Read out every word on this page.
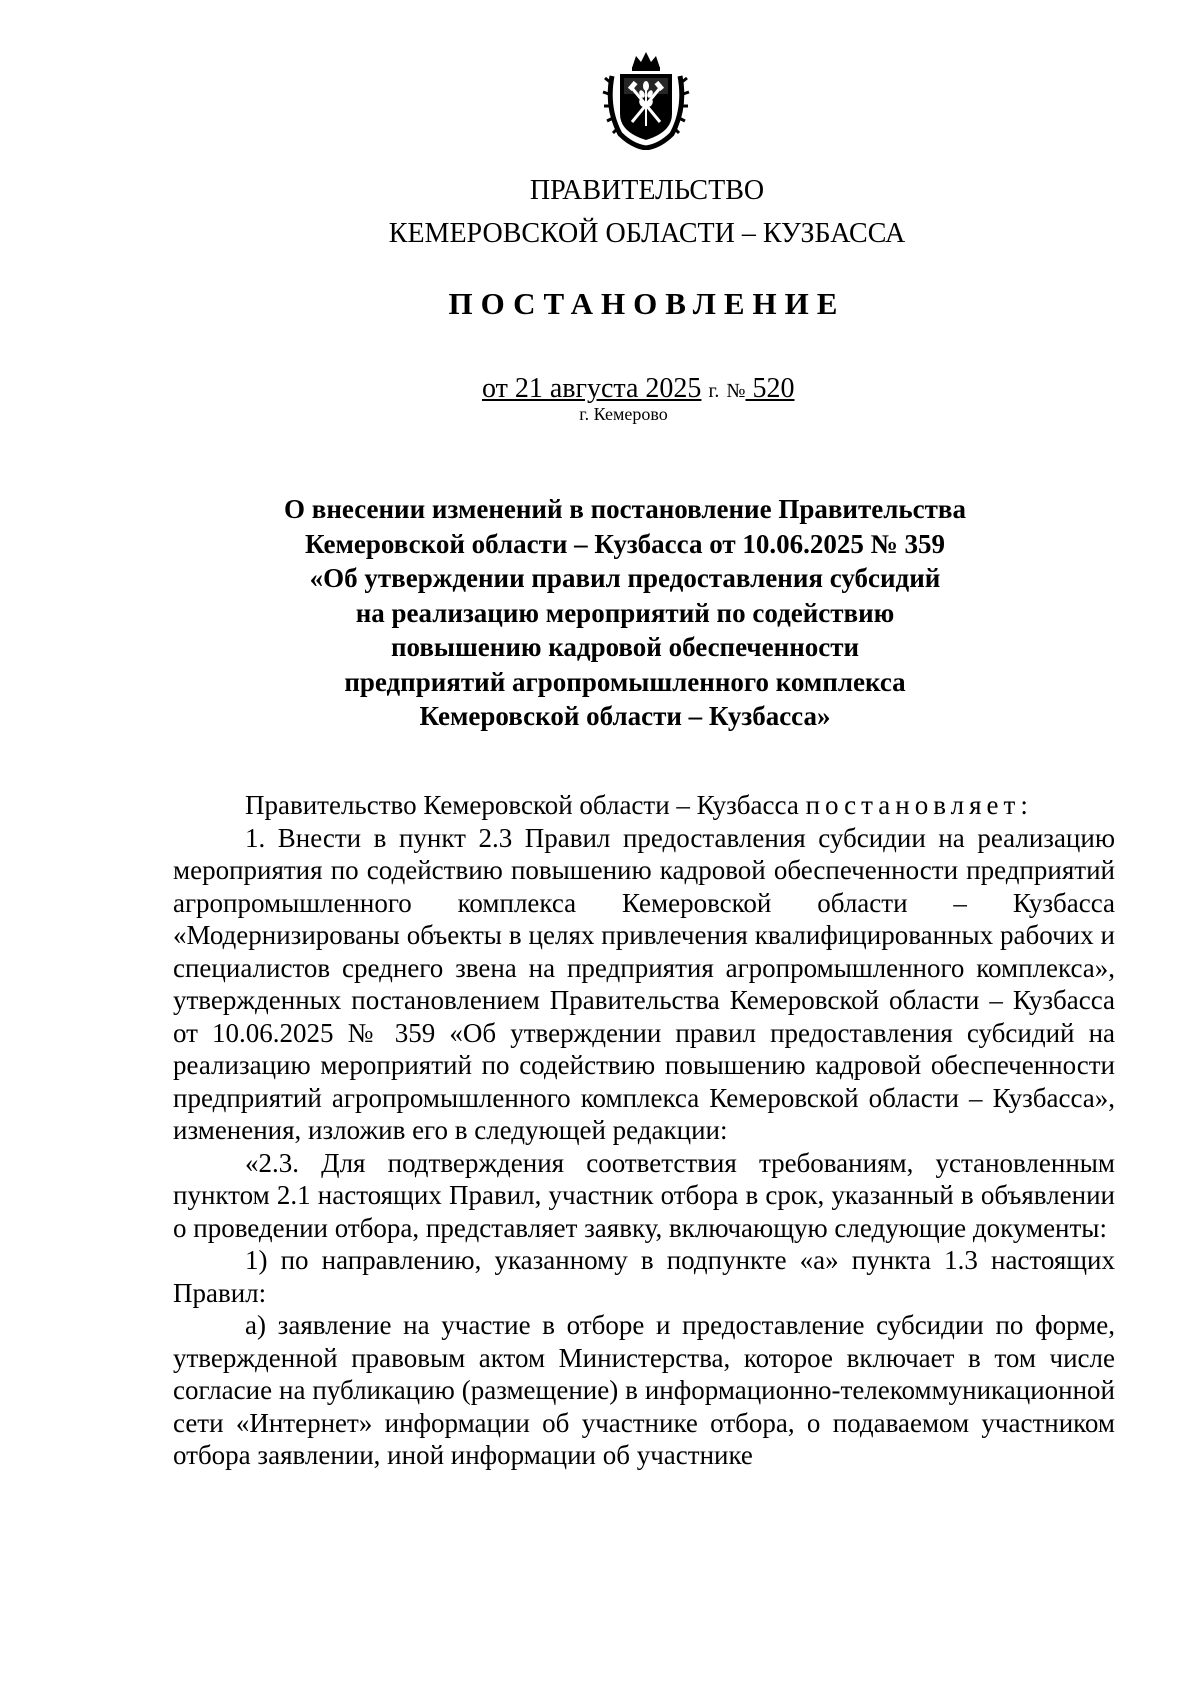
ПРАВИТЕЛЬСТВО
КЕМЕРОВСКОЙ ОБЛАСТИ – КУЗБАССА
ПОСТАНОВЛЕНИЕ
от 21 августа 2025 г. № 520
г. Кемерово
О внесении изменений в постановление Правительства
Кемеровской области – Кузбасса от 10.06.2025 № 359
«Об утверждении правил предоставления субсидий
на реализацию мероприятий по содействию
повышению кадровой обеспеченности
предприятий агропромышленного комплекса
Кемеровской области – Кузбасса»

Правительство Кемеровской области – Кузбасса постановляет:

1. Внести в пункт 2.3 Правил предоставления субсидии на реализацию мероприятия по содействию повышению кадровой обеспеченности предприятий агропромышленного комплекса Кемеровской области – Кузбасса «Модернизированы объекты в целях привлечения квалифицированных рабочих и специалистов среднего звена на предприятия агропромышленного комплекса», утвержденных постановлением Правительства Кемеровской области – Кузбасса от 10.06.2025 № 359 «Об утверждении правил предоставления субсидий на реализацию мероприятий по содействию повышению кадровой обеспеченности предприятий агропромышленного комплекса Кемеровской области – Кузбасса», изменения, изложив его в следующей редакции:

«2.3. Для подтверждения соответствия требованиям, установленным пунктом 2.1 настоящих Правил, участник отбора в срок, указанный в объявлении о проведении отбора, представляет заявку, включающую следующие документы:

1) по направлению, указанному в подпункте «а» пункта 1.3 настоящих Правил:

а) заявление на участие в отборе и предоставление субсидии по форме, утвержденной правовым актом Министерства, которое включает в том числе согласие на публикацию (размещение) в информационно-телекоммуникационной сети «Интернет» информации об участнике отбора, о подаваемом участником отбора заявлении, иной информации об участнике
